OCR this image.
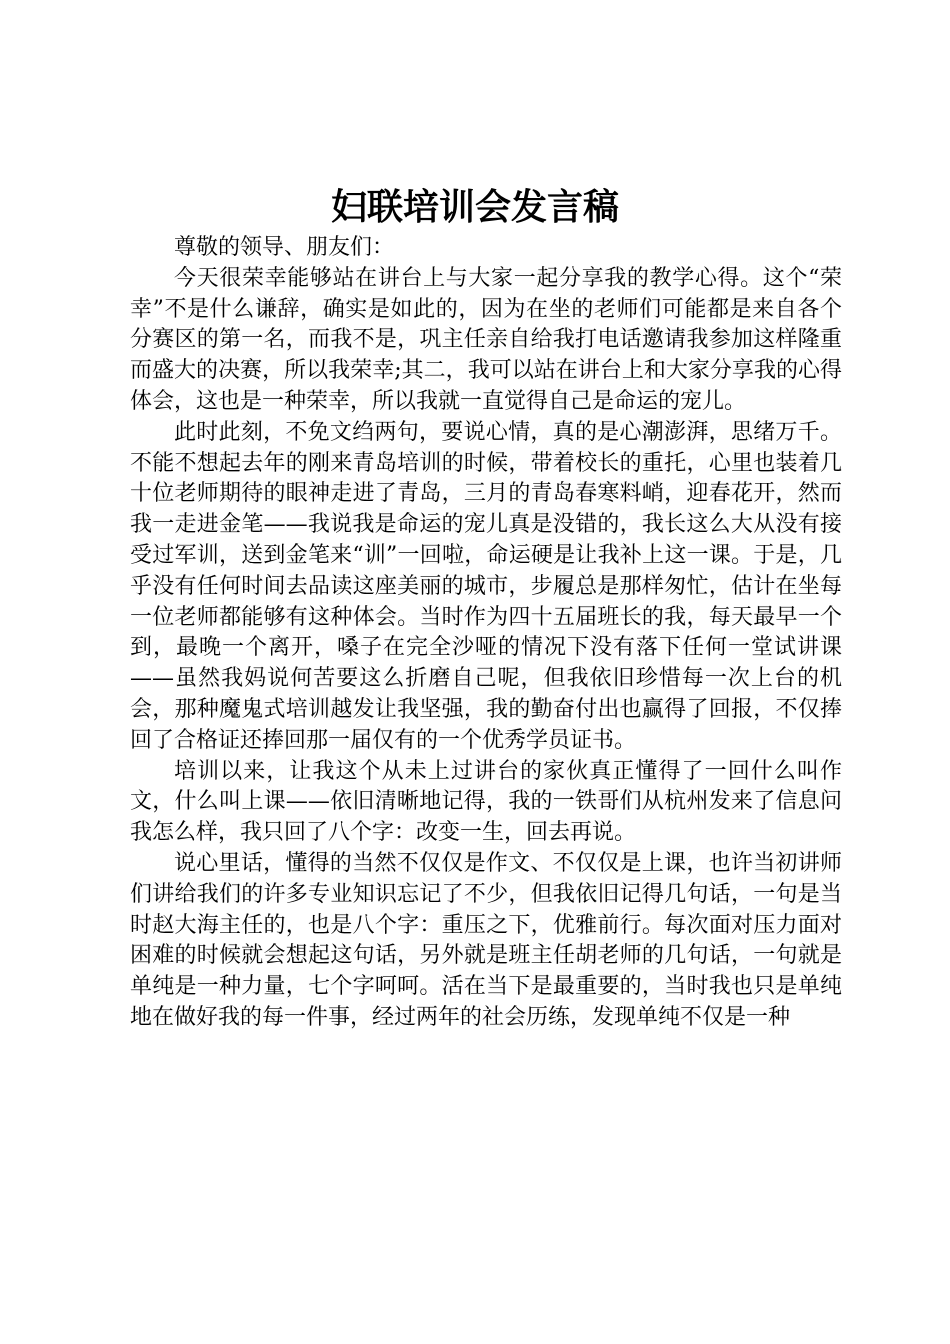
妇联培训会发言稿

尊敬的领导、朋友们：

今天很荣幸能够站在讲台上与大家一起分享我的教学心得。这个“荣幸”不是什么谦辞，确实是如此的，因为在坐的老师们可能都是来自各个分赛区的第一名，而我不是，巩主任亲自给我打电话邀请我参加这样隆重而盛大的决赛，所以我荣幸;其二，我可以站在讲台上和大家分享我的心得体会，这也是一种荣幸，所以我就一直觉得自己是命运的宠儿。

此时此刻，不免文绉两句，要说心情，真的是心潮澎湃，思绪万千。不能不想起去年的刚来青岛培训的时候，带着校长的重托，心里也装着几十位老师期待的眼神走进了青岛，三月的青岛春寒料峭，迎春花开，然而我一走进金笔——我说我是命运的宠儿真是没错的，我长这么大从没有接受过军训，送到金笔来“训”一回啦，命运硬是让我补上这一课。于是，几乎没有任何时间去品读这座美丽的城市，步履总是那样匆忙，估计在坐每一位老师都能够有这种体会。当时作为四十五届班长的我，每天最早一个到，最晚一个离开，嗓子在完全沙哑的情况下没有落下任何一堂试讲课——虽然我妈说何苦要这么折磨自己呢，但我依旧珍惜每一次上台的机会，那种魔鬼式培训越发让我坚强，我的勤奋付出也赢得了回报，不仅捧回了合格证还捧回那一届仅有的一个优秀学员证书。

培训以来，让我这个从未上过讲台的家伙真正懂得了一回什么叫作文，什么叫上课——依旧清晰地记得，我的一铁哥们从杭州发来了信息问我怎么样，我只回了八个字：改变一生，回去再说。

说心里话，懂得的当然不仅仅是作文、不仅仅是上课，也许当初讲师们讲给我们的许多专业知识忘记了不少，但我依旧记得几句话，一句是当时赵大海主任的，也是八个字：重压之下，优雅前行。每次面对压力面对困难的时候就会想起这句话，另外就是班主任胡老师的几句话，一句就是单纯是一种力量，七个字呵呵。活在当下是最重要的，当时我也只是单纯地在做好我的每一件事，经过两年的社会历练，发现单纯不仅是一种
